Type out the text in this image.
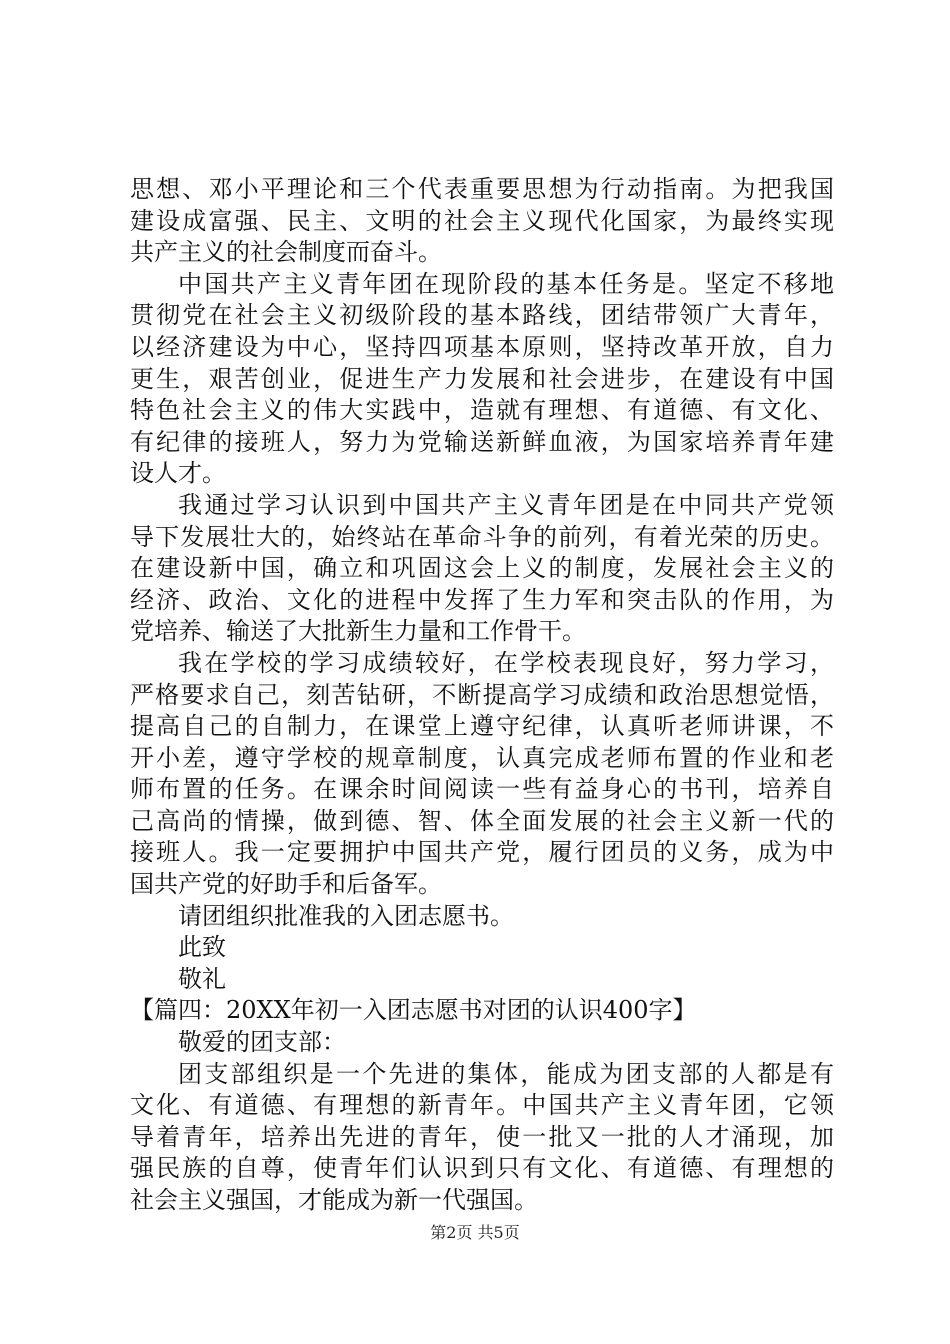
思想、邓小平理论和三个代表重要思想为行动指南。为把我国
建设成富强、民主、文明的社会主义现代化国家，为最终实现
共产主义的社会制度而奋斗。
中国共产主义青年团在现阶段的基本任务是。坚定不移地
贯彻党在社会主义初级阶段的基本路线，团结带领广大青年，
以经济建设为中心，坚持四项基本原则，坚持改革开放，自力
更生，艰苦创业，促进生产力发展和社会进步，在建设有中国
特色社会主义的伟大实践中，造就有理想、有道德、有文化、
有纪律的接班人，努力为党输送新鲜血液，为国家培养青年建
设人才。
我通过学习认识到中国共产主义青年团是在中同共产党领
导下发展壮大的，始终站在革命斗争的前列，有着光荣的历史。
在建设新中国，确立和巩固这会上义的制度，发展社会主义的
经济、政治、文化的进程中发挥了生力军和突击队的作用，为
党培养、输送了大批新生力量和工作骨干。
我在学校的学习成绩较好，在学校表现良好，努力学习，
严格要求自己，刻苦钻研，不断提高学习成绩和政治思想觉悟，
提高自己的自制力，在课堂上遵守纪律，认真听老师讲课，不
开小差，遵守学校的规章制度，认真完成老师布置的作业和老
师布置的任务。在课余时间阅读一些有益身心的书刊，培养自
己高尚的情操，做到德、智、体全面发展的社会主义新一代的
接班人。我一定要拥护中国共产党，履行团员的义务，成为中
国共产党的好助手和后备军。
请团组织批准我的入团志愿书。
此致
敬礼
【篇四：20XX年初一入团志愿书对团的认识400字】
敬爱的团支部：
团支部组织是一个先进的集体，能成为团支部的人都是有
文化、有道德、有理想的新青年。中国共产主义青年团，它领
导着青年，培养出先进的青年，使一批又一批的人才涌现，加
强民族的自尊，使青年们认识到只有文化、有道德、有理想的
社会主义强国，才能成为新一代强国。
第2页 共5页
